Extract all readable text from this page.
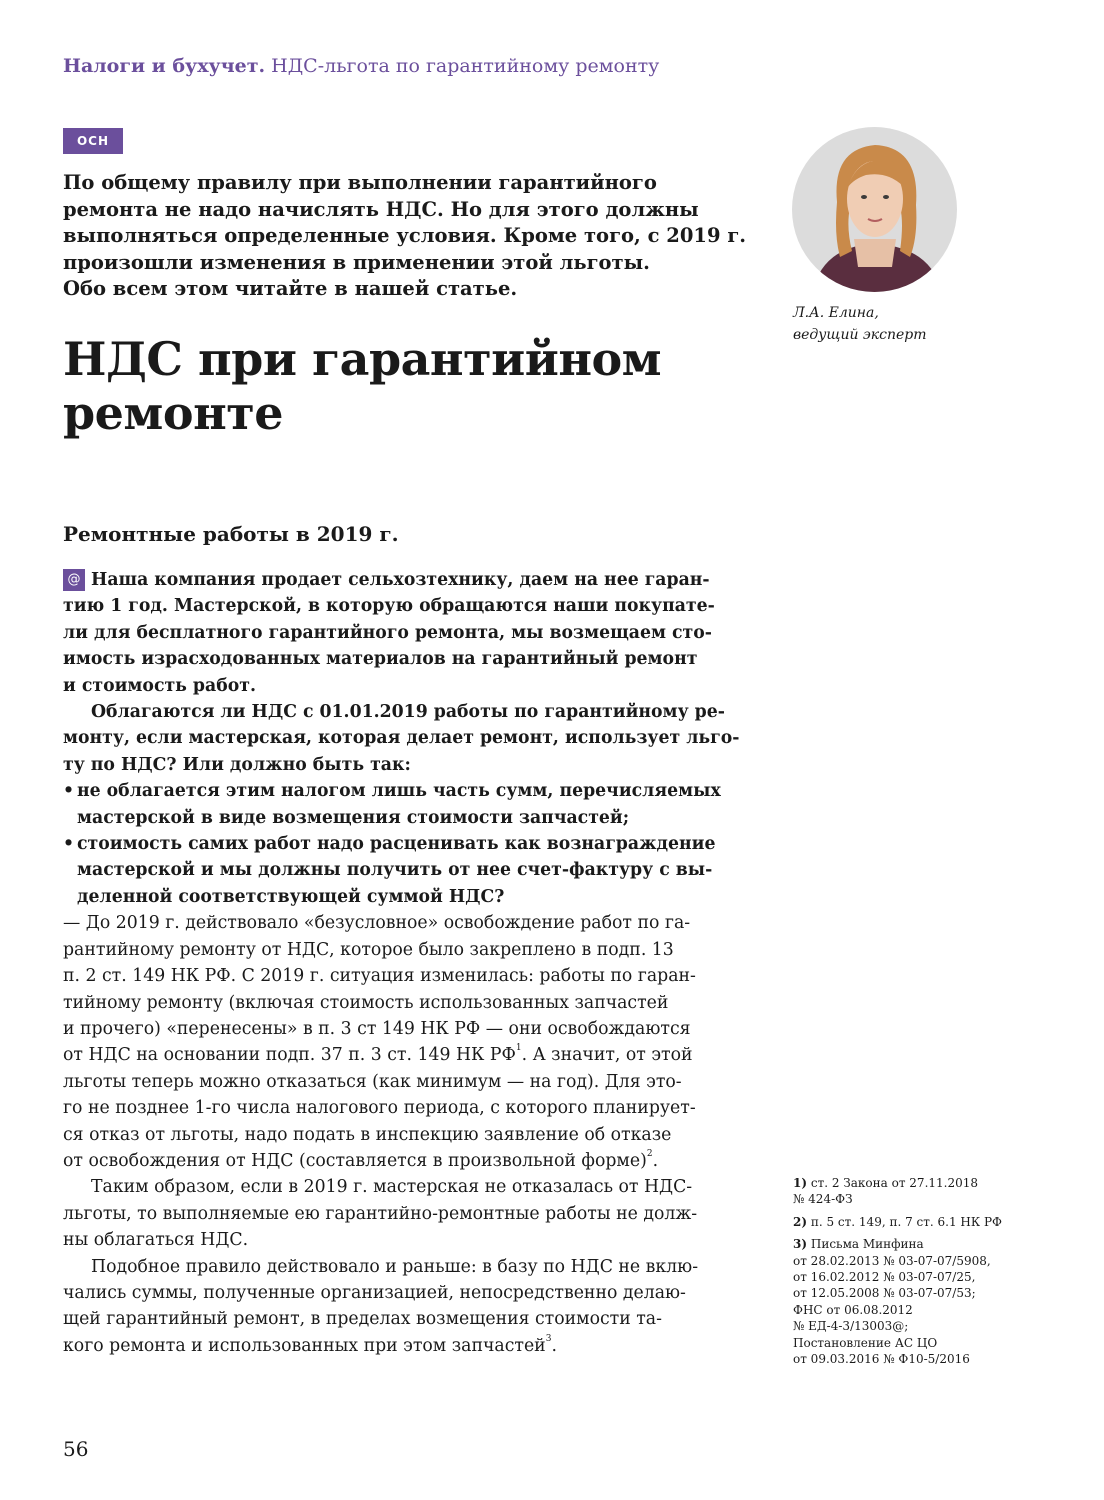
Налоги и бухучет. НДС-льгота по гарантийному ремонту
ОСН
По общему правилу при выполнении гарантийного
ремонта не надо начислять НДС. Но для этого должны
выполняться определенные условия. Кроме того, с 2019 г.
произошли изменения в применении этой льготы.
Обо всем этом читайте в нашей статье.
Л.А. Елина,
ведущий эксперт
НДС при гарантийном
ремонте
Ремонтные работы в 2019 г.
@ Наша компания продает сельхозтехнику, даем на нее гаран-
тию 1 год. Мастерской, в которую обращаются наши покупате-
ли для бесплатного гарантийного ремонта, мы возмещаем сто-
имость израсходованных материалов на гарантийный ремонт
и стоимость работ.
Облагаются ли НДС с 01.01.2019 работы по гарантийному ре-
монту, если мастерская, которая делает ремонт, использует льго-
ту по НДС? Или должно быть так:
• не облагается этим налогом лишь часть сумм, перечисляемых
мастерской в виде возмещения стоимости запчастей;
• стоимость самих работ надо расценивать как вознаграждение
мастерской и мы должны получить от нее счет-фактуру с вы-
деленной соответствующей суммой НДС?
— До 2019 г. действовало «безусловное» освобождение работ по га-
рантийному ремонту от НДС, которое было закреплено в подп. 13
п. 2 ст. 149 НК РФ. С 2019 г. ситуация изменилась: работы по гаран-
тийному ремонту (включая стоимость использованных запчастей
и прочего) «перенесены» в п. 3 ст 149 НК РФ — они освобождаются
от НДС на основании подп. 37 п. 3 ст. 149 НК $РФ^1$. А значит, от этой
льготы теперь можно отказаться (как минимум — на год). Для это-
го не позднее 1-го числа налогового периода, с которого планирует-
ся отказ от льготы, надо подать в инспекцию заявление об отказе
от освобождения от НДС (составляется в произвольной форме)$^2$.
Таким образом, если в 2019 г. мастерская не отказалась от НДС-
льготы, то выполняемые ею гарантийно-ремонтные работы не долж-
ны облагаться НДС.
Подобное правило действовало и раньше: в базу по НДС не вклю-
чались суммы, полученные организацией, непосредственно делаю-
щей гарантийный ремонт, в пределах возмещения стоимости та-
кого ремонта и использованных при этом запчастей$^3$.
1) ст. 2 Закона от 27.11.2018
№ 424-ФЗ
2) п. 5 ст. 149, п. 7 ст. 6.1 НК РФ
3) Письма Минфина
от 28.02.2013 № 03-07-07/5908,
от 16.02.2012 № 03-07-07/25,
от 12.05.2008 № 03-07-07/53;
ФНС от 06.08.2012
№ ЕД-4-3/13003@;
Постановление АС ЦО
от 09.03.2016 № Ф10-5/2016
56
